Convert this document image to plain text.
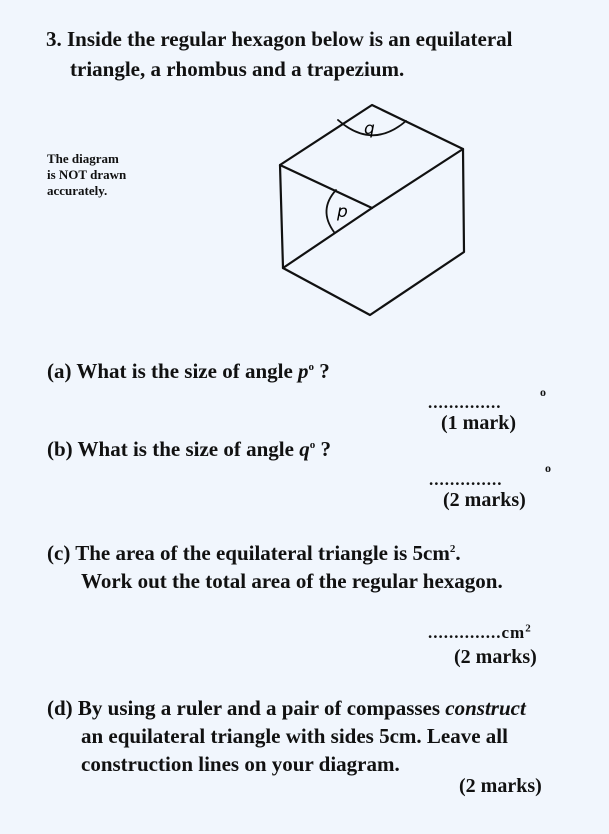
3. Inside the regular hexagon below is an equilateral
triangle, a rhombus and a trapezium.
The diagram
is NOT drawn
accurately.
q
p
(a) What is the size of angle $p^o$ ?
..............
o
(1 mark)
(b) What is the size of angle $q^o$ ?
..............
o
(2 marks)
(c) The area of the equilateral triangle is $5cm^2$.
Work out the total area of the regular hexagon.
$..............cm^2$
(2 marks)
(d) By using a ruler and a pair of compasses construct
an equilateral triangle with sides 5cm. Leave all
construction lines on your diagram.
(2 marks)
